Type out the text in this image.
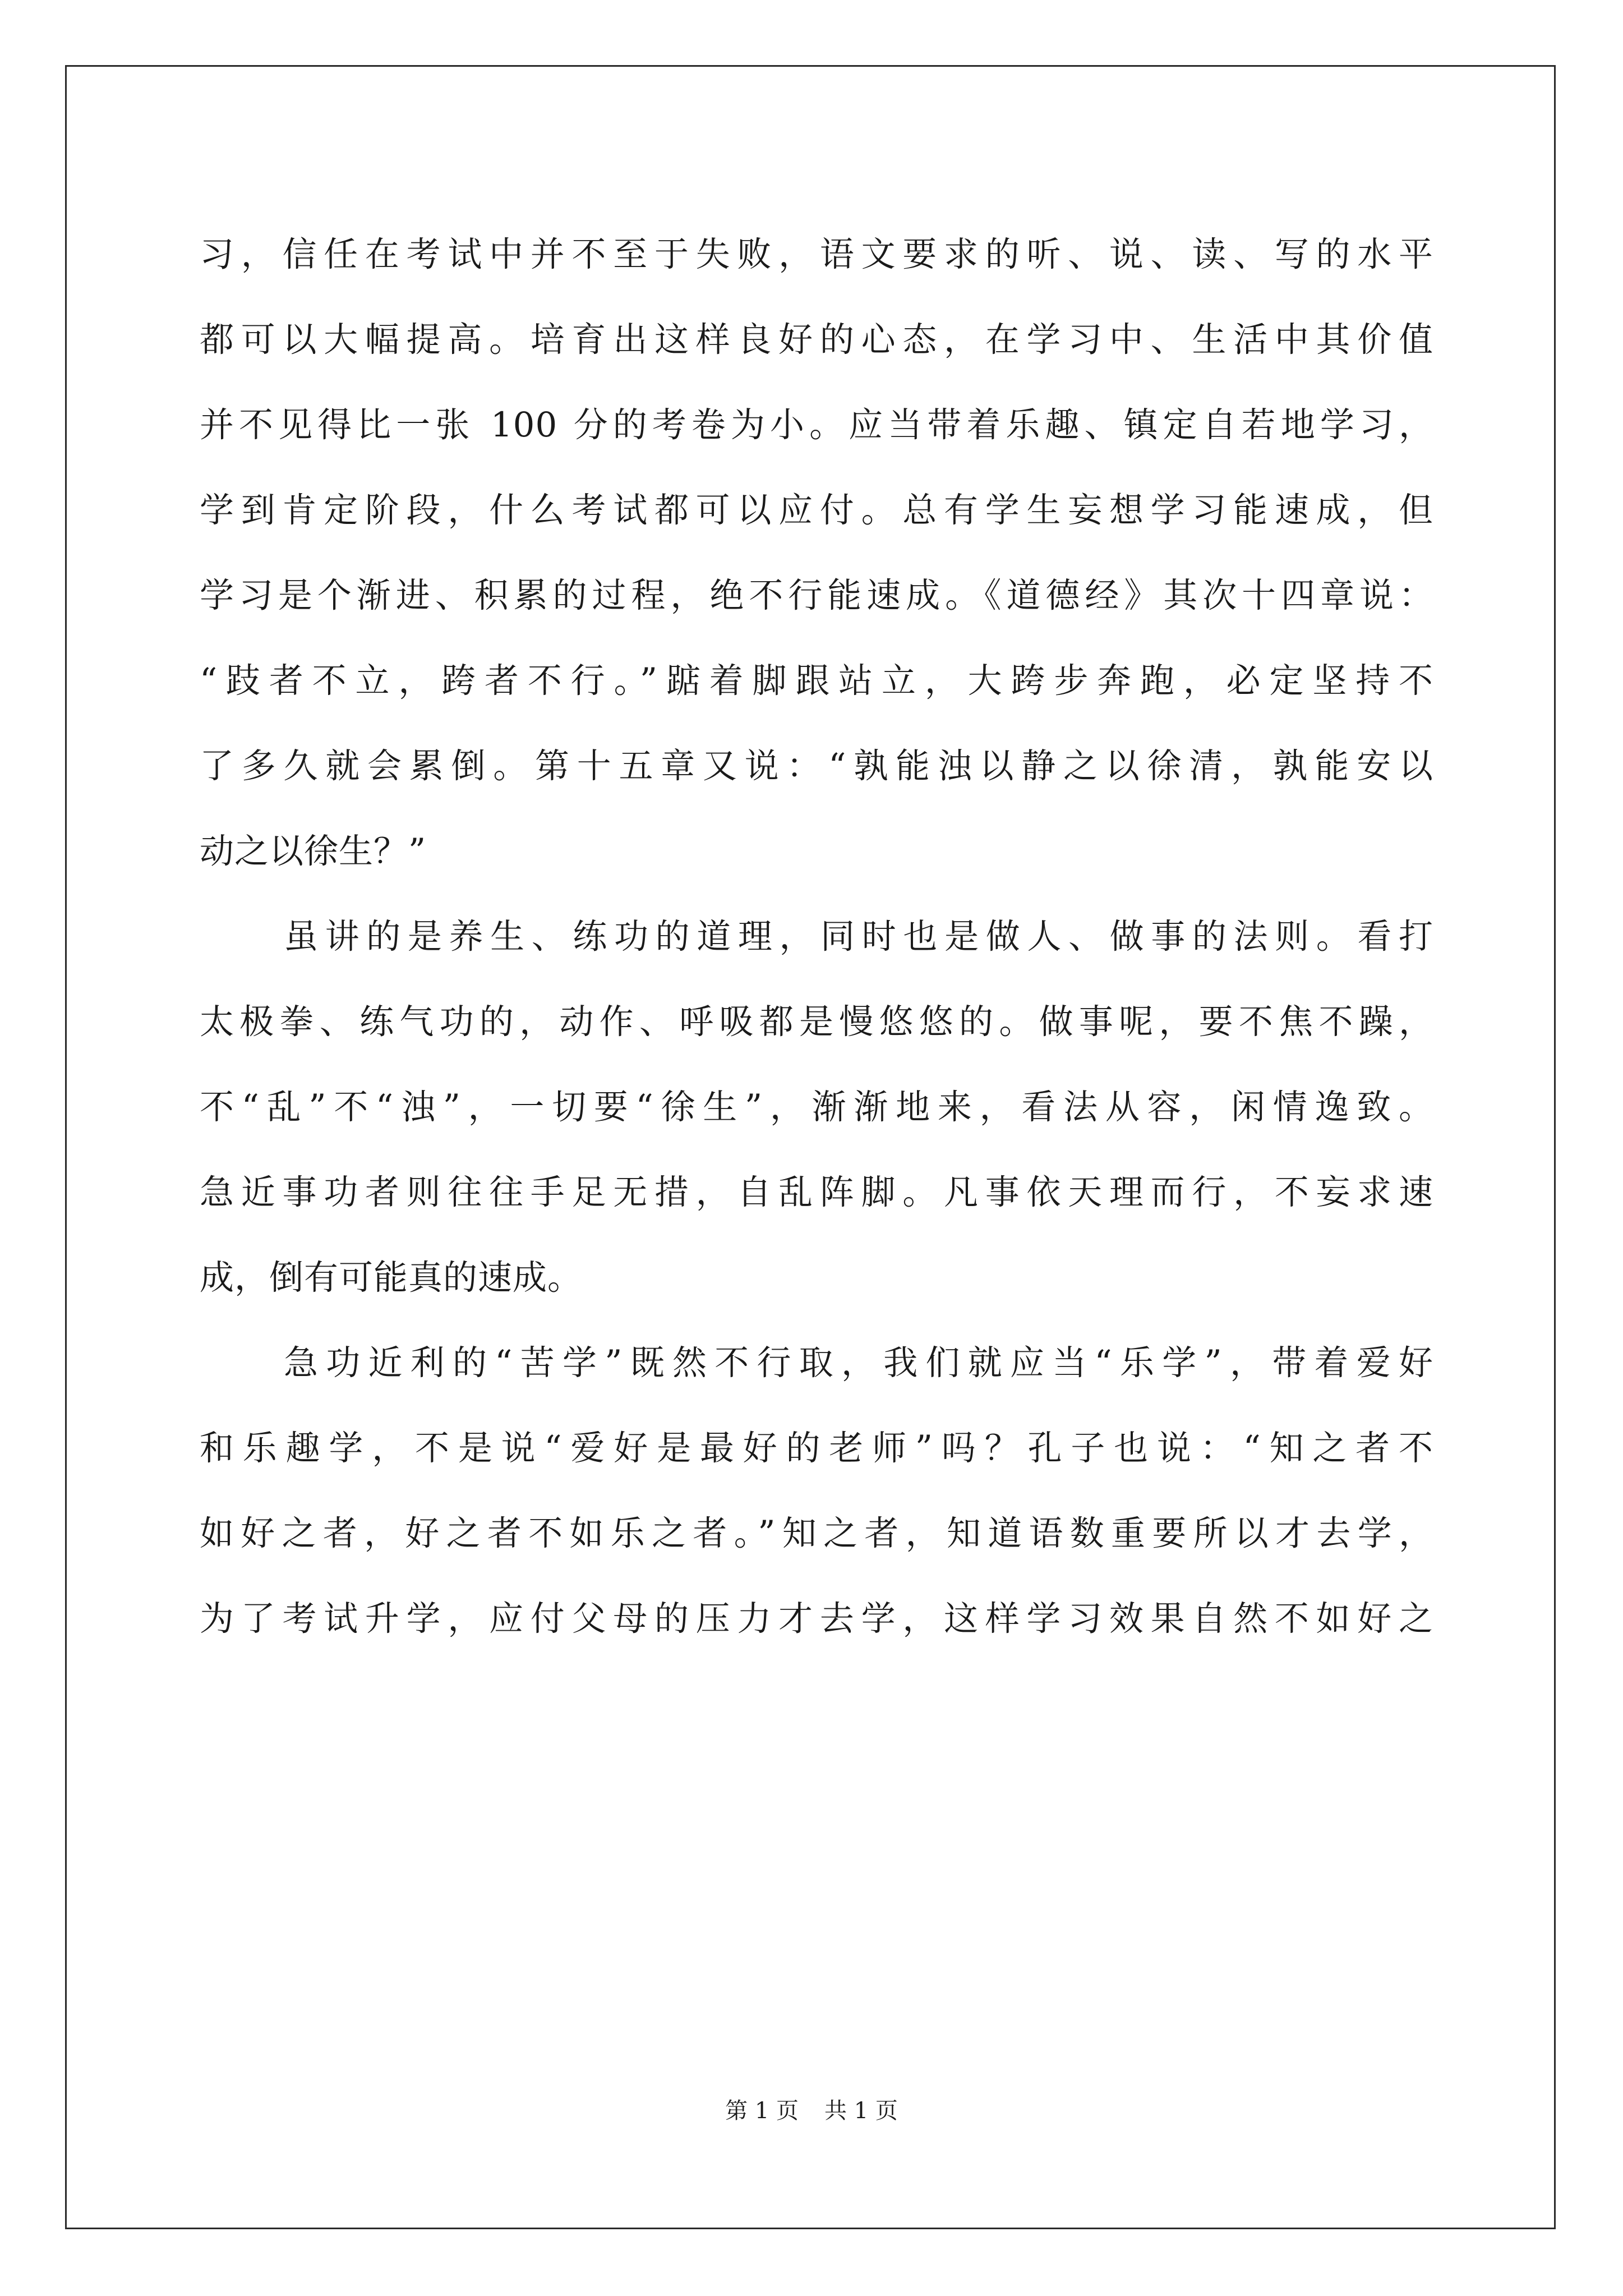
习，信任在考试中并不至于失败，语文要求的听、说、读、写的水平
都可以大幅提高。培育出这样良好的心态，在学习中、生活中其价值
并不见得比一张 100 分的考卷为小。应当带着乐趣、镇定自若地学习，
学到肯定阶段，什么考试都可以应付。总有学生妄想学习能速成，但
学习是个渐进、积累的过程，绝不行能速成。《道德经》其次十四章说：
“跂者不立，跨者不行。”踮着脚跟站立，大跨步奔跑，必定坚持不
了多久就会累倒。第十五章又说：“孰能浊以静之以徐清，孰能安以
动之以徐生？”
虽讲的是养生、练功的道理，同时也是做人、做事的法则。看打
太极拳、练气功的，动作、呼吸都是慢悠悠的。做事呢，要不焦不躁，
不“乱”不“浊”，一切要“徐生”，渐渐地来，看法从容，闲情逸致。
急近事功者则往往手足无措，自乱阵脚。凡事依天理而行，不妄求速
成，倒有可能真的速成。
急功近利的“苦学”既然不行取，我们就应当“乐学”，带着爱好
和乐趣学，不是说“爱好是最好的老师”吗？孔子也说：“知之者不
如好之者，好之者不如乐之者。”知之者，知道语数重要所以才去学，
为了考试升学，应付父母的压力才去学，这样学习效果自然不如好之
第 1 页 共 1 页
